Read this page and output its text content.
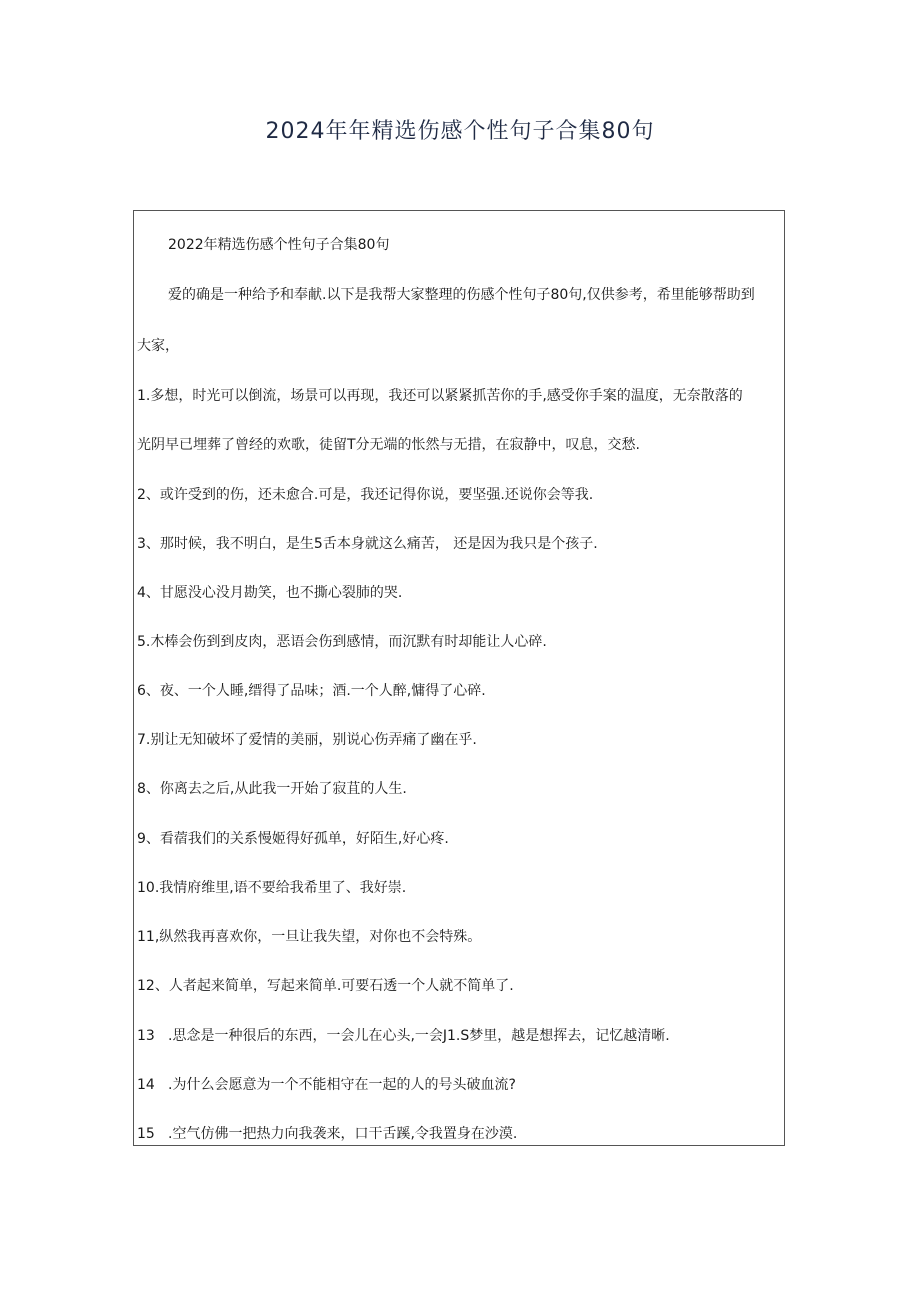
2024年年精选伤感个性句子合集80句
2022年精选伤感个性句子合集80句
爱的确是一种给予和奉献.以下是我帮大家整理的伤感个性句子80句,仅供参考，希里能够帮助到
大家，
1.多想，时光可以倒流，场景可以再现，我还可以紧紧抓苦你的手,感受你手案的温度，无奈散落的
光阴早已埋葬了曾经的欢歌，徒留T分无端的怅然与无措，在寂静中，叹息，交愁.
2、或许受到的伤，还未愈合.可是，我还记得你说，要坚强.还说你会等我.
3、那时候，我不明白，是生5舌本身就这么痛苦， 还是因为我只是个孩子.
4、甘愿没心没月勘笑，也不撕心裂肺的哭.
5.木棒会伤到到皮肉，恶语会伤到感情，而沉默有时却能让人心碎.
6、夜、一个人睡,缙得了品味；酒.一个人醉,慵得了心碎.
7.别让无知破坏了爱情的美丽，别说心伤弄痛了幽在乎.
8、你离去之后,从此我一开始了寂苴的人生.
9、看蓿我们的关系慢姬得好孤单，好陌生,好心疼.
10.我情府维里,语不要给我希里了、我好崇.
11,纵然我再喜欢你，一旦让我失望，对你也不会特殊。
12、人者起来简单，写起来简单.可要石透一个人就不简单了.
13 .思念是一种很后的东西，一会儿在心头,一会J1.S梦里，越是想挥去，记忆越清晰.
14 .为什么会愿意为一个不能相守在一起的人的号头破血流?
15 .空气仿佛一把热力向我袭来，口干舌蹊,令我置身在沙漠.
